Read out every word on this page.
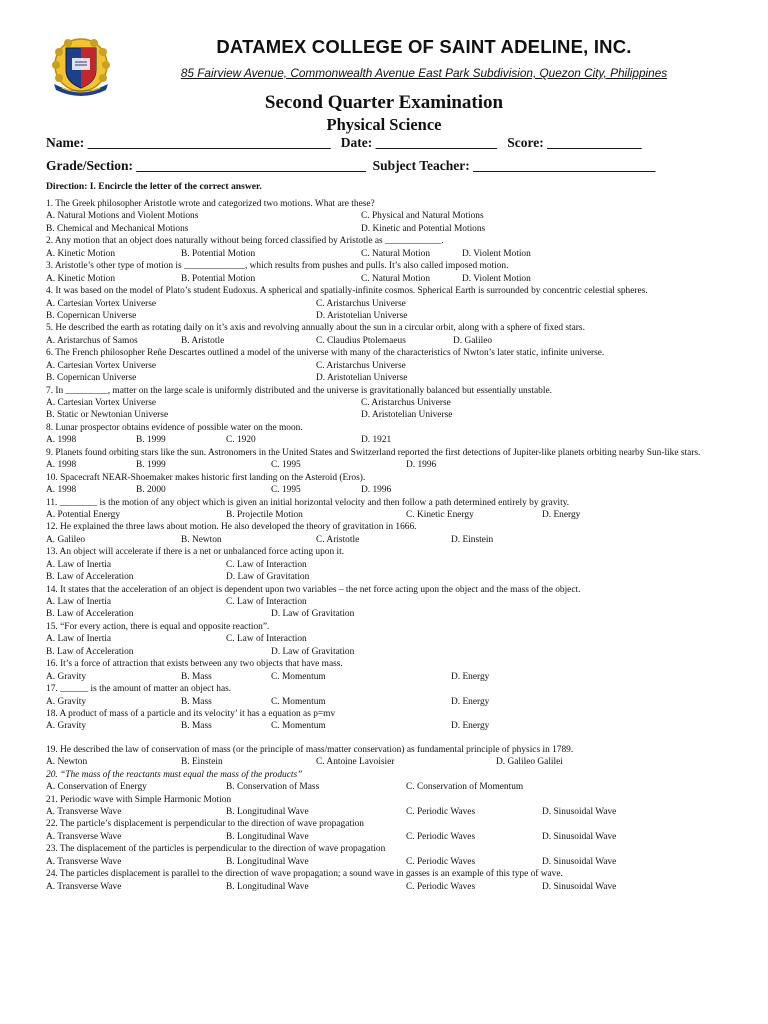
DATAMEX COLLEGE OF SAINT ADELINE, INC.
85 Fairview Avenue, Commonwealth Avenue East Park Subdivision, Quezon City, Philippines
Second Quarter Examination
Physical Science
Name: ____________________________________   Date: __________________   Score: ______________
Grade/Section: __________________________________  Subject Teacher: ___________________________
Direction: I. Encircle the letter of the correct answer.
1. The Greek philosopher Aristotle wrote and categorized two motions. What are these?
A. Natural Motions and Violent Motions	C. Physical and Natural Motions
B. Chemical and Mechanical Motions	D. Kinetic and Potential Motions
2. Any motion that an object does naturally without being forced classified by Aristotle as ____________.
A. Kinetic Motion	B. Potential Motion	C. Natural Motion	D. Violent Motion
3. Aristotle’s other type of motion is _____________, which results from pushes and pulls. It’s also called imposed motion.
A. Kinetic Motion	B. Potential Motion	C. Natural Motion	D. Violent Motion
4. It was based on the model of Plato’s student Eudoxus. A spherical and spatially-infinite cosmos. Spherical Earth is surrounded by concentric celestial spheres.
A. Cartesian Vortex Universe	C. Aristarchus Universe
B. Copernican Universe	D. Aristotelian Universe
5. He described the earth as rotating daily on it’s axis and revolving annually about the sun in a circular orbit, along with a sphere of fixed stars.
A. Aristarchus of Samos	B. Aristotle	C. Claudius Ptolemaeus	D. Galileo
6. The French philosopher Reñe Descartes outlined a model of the universe with many of the characteristics of Nwton’s later static, infinite universe.
A. Cartesian Vortex Universe	C. Aristarchus Universe
B. Copernican Universe	D. Aristotelian Universe
7. In _________, matter on the large scale is uniformly distributed and the universe is gravitationally balanced but essentially unstable.
A. Cartesian Vortex Universe	C. Aristarchus Universe
B. Static or Newtonian Universe	D. Aristotelian Universe
8. Lunar prospector obtains evidence of possible water on the moon.
A. 1998	B. 1999	C. 1920	D. 1921
9. Planets found orbiting stars like the sun. Astronomers in the United States and Switzerland reported the first detections of Jupiter-like planets orbiting nearby Sun-like stars.
A. 1998	B. 1999	C. 1995	D. 1996
10. Spacecraft NEAR-Shoemaker makes historic first landing on the Asteroid (Eros).
A. 1998	B. 2000	C. 1995	D. 1996
11. ________ is the motion of any object which is given an initial horizontal velocity and then follow a path determined entirely by gravity.
A. Potential Energy	B. Projectile Motion	C. Kinetic Energy	D. Energy
12. He explained the three laws about motion. He also developed the theory of gravitation in 1666.
A. Galileo	B. Newton	C. Aristotle	D. Einstein
13. An object will accelerate if there is a net or unbalanced force acting upon it.
A. Law of Inertia	C. Law of Interaction
B. Law of Acceleration	D. Law of Gravitation
14. It states that the acceleration of an object is dependent upon two variables – the net force acting upon the object and the mass of the object.
A. Law of Inertia	C. Law of Interaction
B. Law of Acceleration	D. Law of Gravitation
15. “For every action, there is equal and opposite reaction”.
A. Law of Inertia	C. Law of Interaction
B. Law of Acceleration	D. Law of Gravitation
16. It’s a force of attraction that exists between any two objects that have mass.
A. Gravity	B. Mass	C. Momentum	D. Energy
17. ______ is the amount of matter an object has.
A. Gravity	B. Mass	C. Momentum	D. Energy
18. A product of mass of a particle and its velocity’ it has a equation as p=mv
A. Gravity	B. Mass	C. Momentum	D. Energy
19. He described the law of conservation of mass (or the principle of mass/matter conservation) as fundamental principle of physics in 1789.
A. Newton	B. Einstein	C. Antoine Lavoisier	D. Galileo Galilei
20. “The mass of the reactants must equal the mass of the products”
A. Conservation of Energy	B. Conservation of Mass	C. Conservation of Momentum
21. Periodic wave with Simple Harmonic Motion
A. Transverse Wave	B. Longitudinal Wave	C. Periodic Waves	D. Sinusoidal Wave
22. The particle’s displacement is perpendicular to the direction of wave propagation
A. Transverse Wave	B. Longitudinal Wave	C. Periodic Waves	D. Sinusoidal Wave
23. The displacement of the particles is perpendicular to the direction of wave propagation
A. Transverse Wave	B. Longitudinal Wave	C. Periodic Waves	D. Sinusoidal Wave
24. The particles displacement is parallel to the direction of wave propagation; a sound wave in gasses is an example of this type of wave.
A. Transverse Wave	B. Longitudinal Wave	C. Periodic Waves	D. Sinusoidal Wave
